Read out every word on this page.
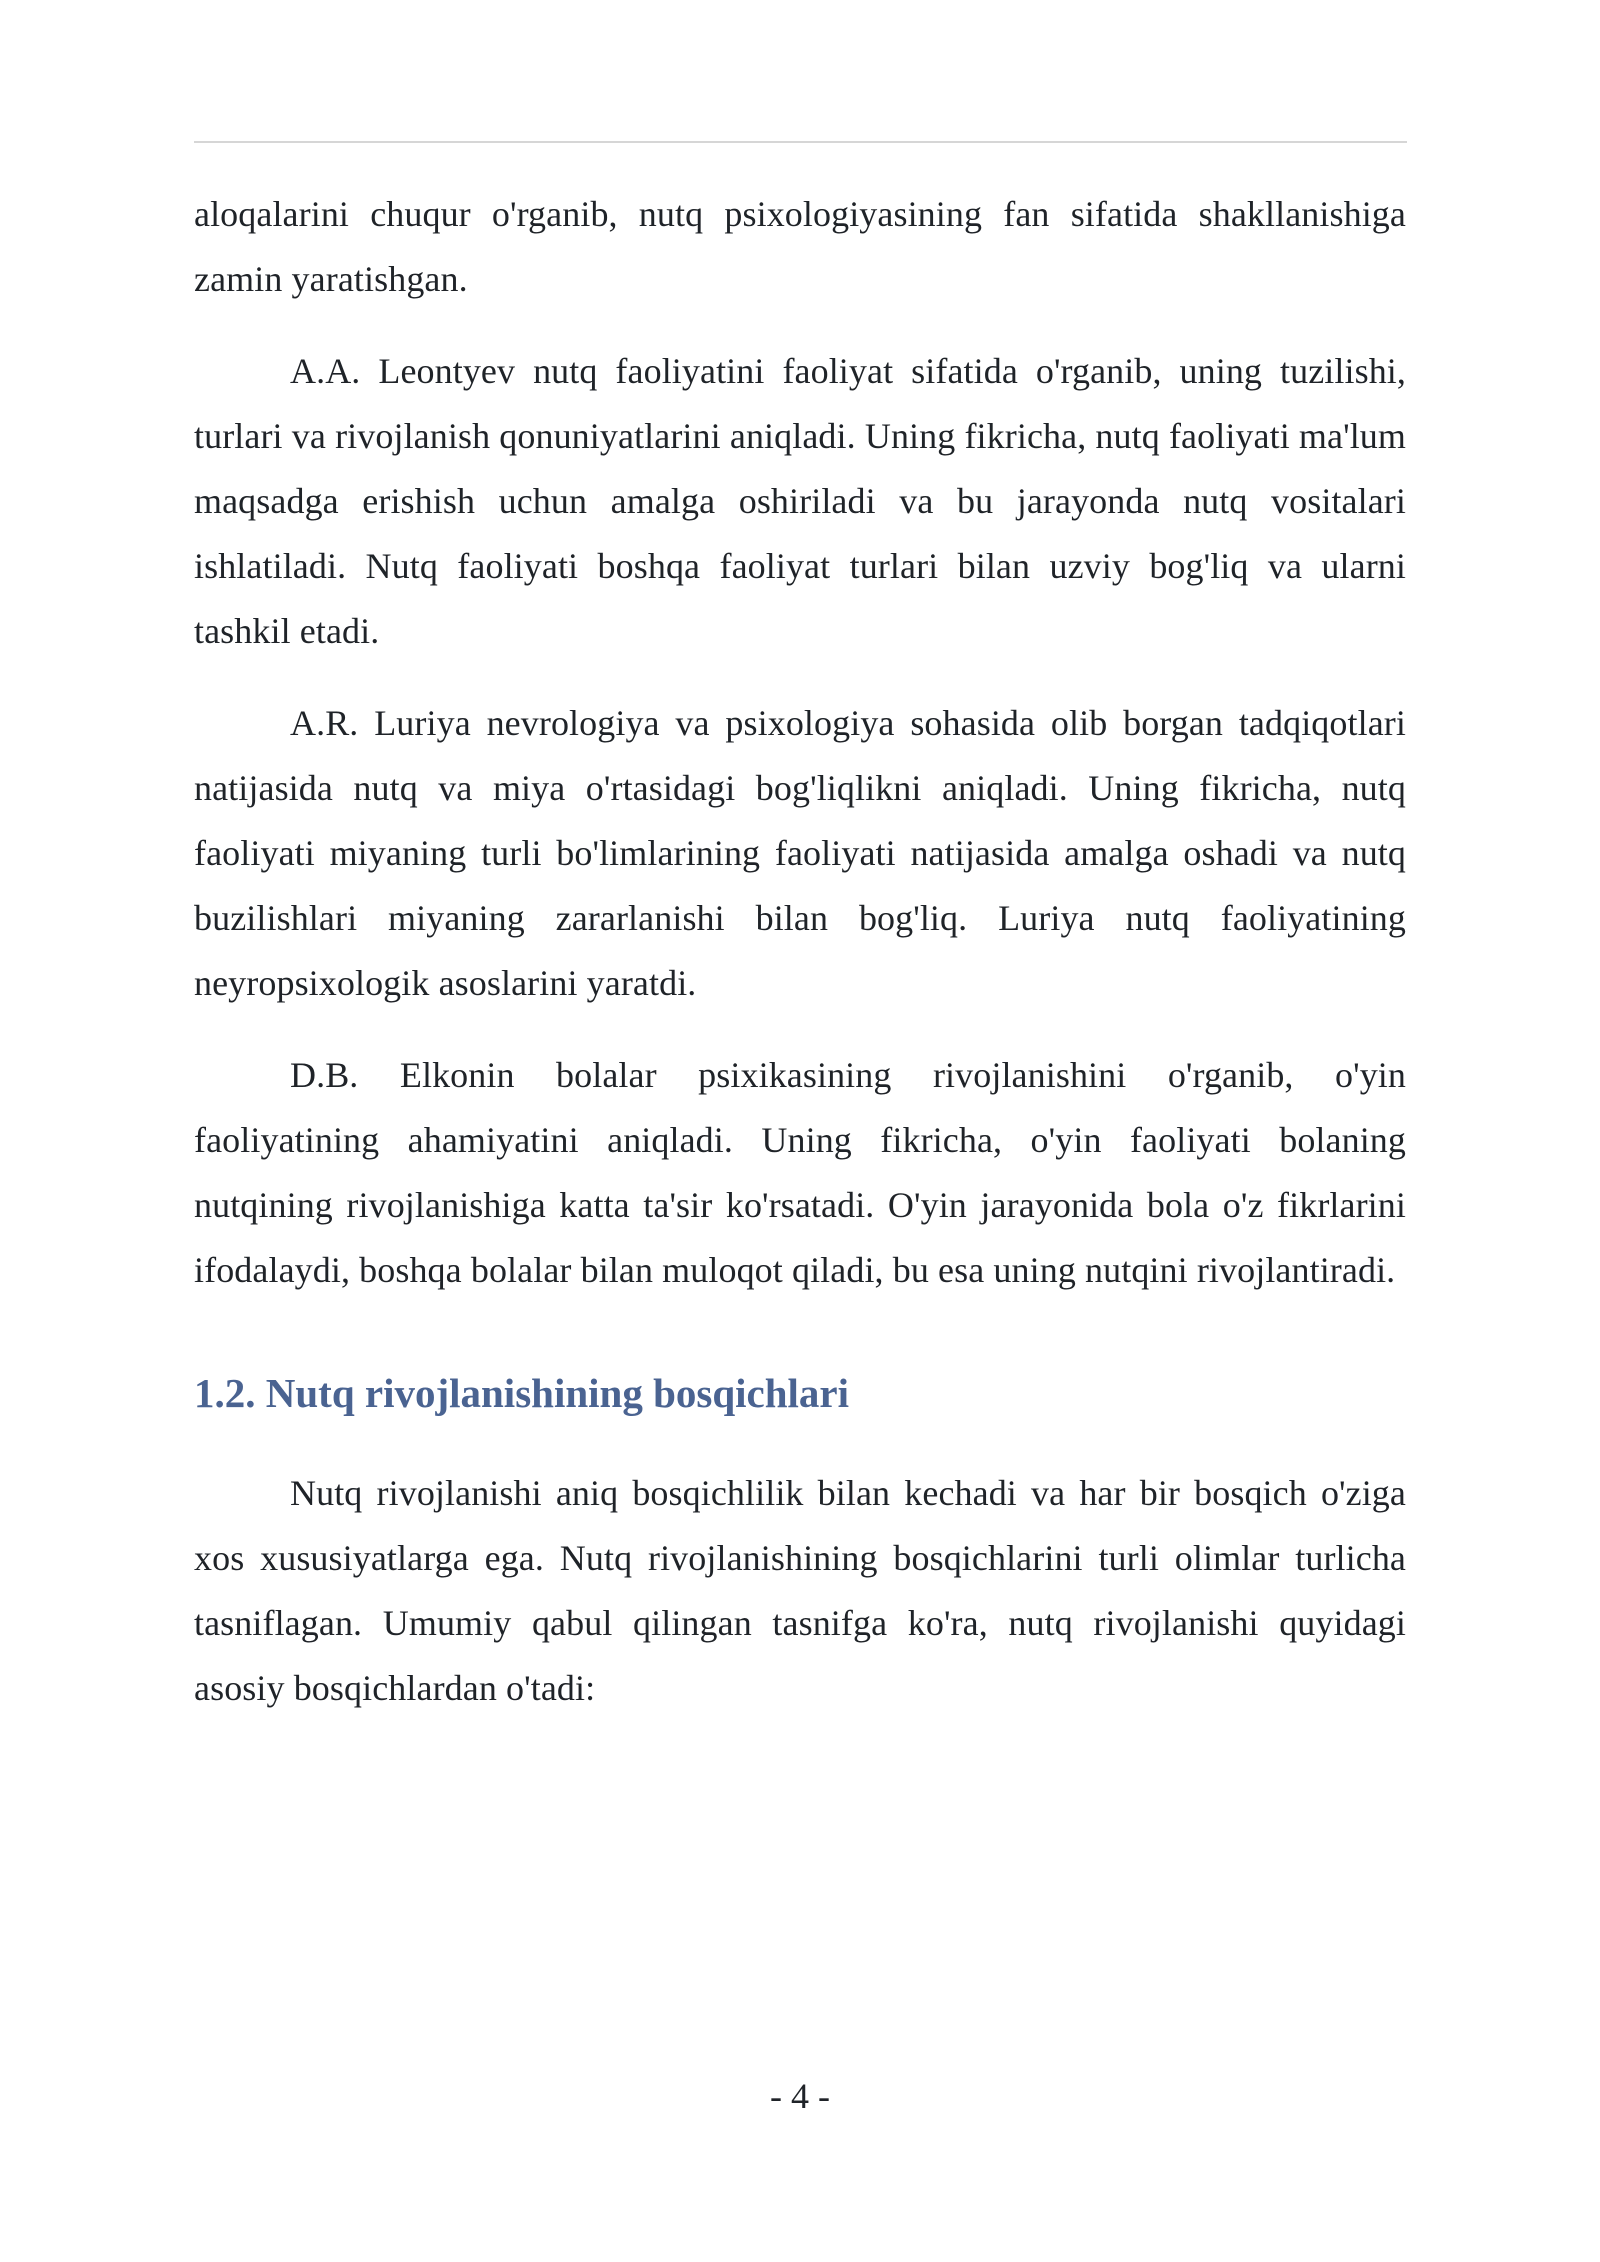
aloqalarini chuqur o'rganib, nutq psixologiyasining fan sifatida shakllanishiga zamin yaratishgan.

A.A. Leontyev nutq faoliyatini faoliyat sifatida o'rganib, uning tuzilishi, turlari va rivojlanish qonuniyatlarini aniqladi. Uning fikricha, nutq faoliyati ma'lum maqsadga erishish uchun amalga oshiriladi va bu jarayonda nutq vositalari ishlatiladi. Nutq faoliyati boshqa faoliyat turlari bilan uzviy bog'liq va ularni tashkil etadi.

A.R. Luriya nevrologiya va psixologiya sohasida olib borgan tadqiqotlari natijasida nutq va miya o'rtasidagi bog'liqlikni aniqladi. Uning fikricha, nutq faoliyati miyaning turli bo'limlarining faoliyati natijasida amalga oshadi va nutq buzilishlari miyaning zararlanishi bilan bog'liq. Luriya nutq faoliyatining neyropsixologik asoslarini yaratdi.

D.B. Elkonin bolalar psixikasining rivojlanishini o'rganib, o'yin faoliyatining ahamiyatini aniqladi. Uning fikricha, o'yin faoliyati bolaning nutqining rivojlanishiga katta ta'sir ko'rsatadi. O'yin jarayonida bola o'z fikrlarini ifodalaydi, boshqa bolalar bilan muloqot qiladi, bu esa uning nutqini rivojlantiradi.

1.2. Nutq rivojlanishining bosqichlari

Nutq rivojlanishi aniq bosqichlilik bilan kechadi va har bir bosqich o'ziga xos xususiyatlarga ega. Nutq rivojlanishining bosqichlarini turli olimlar turlicha tasniflagan. Umumiy qabul qilingan tasnifga ko'ra, nutq rivojlanishi quyidagi asosiy bosqichlardan o'tadi:

- 4 -
